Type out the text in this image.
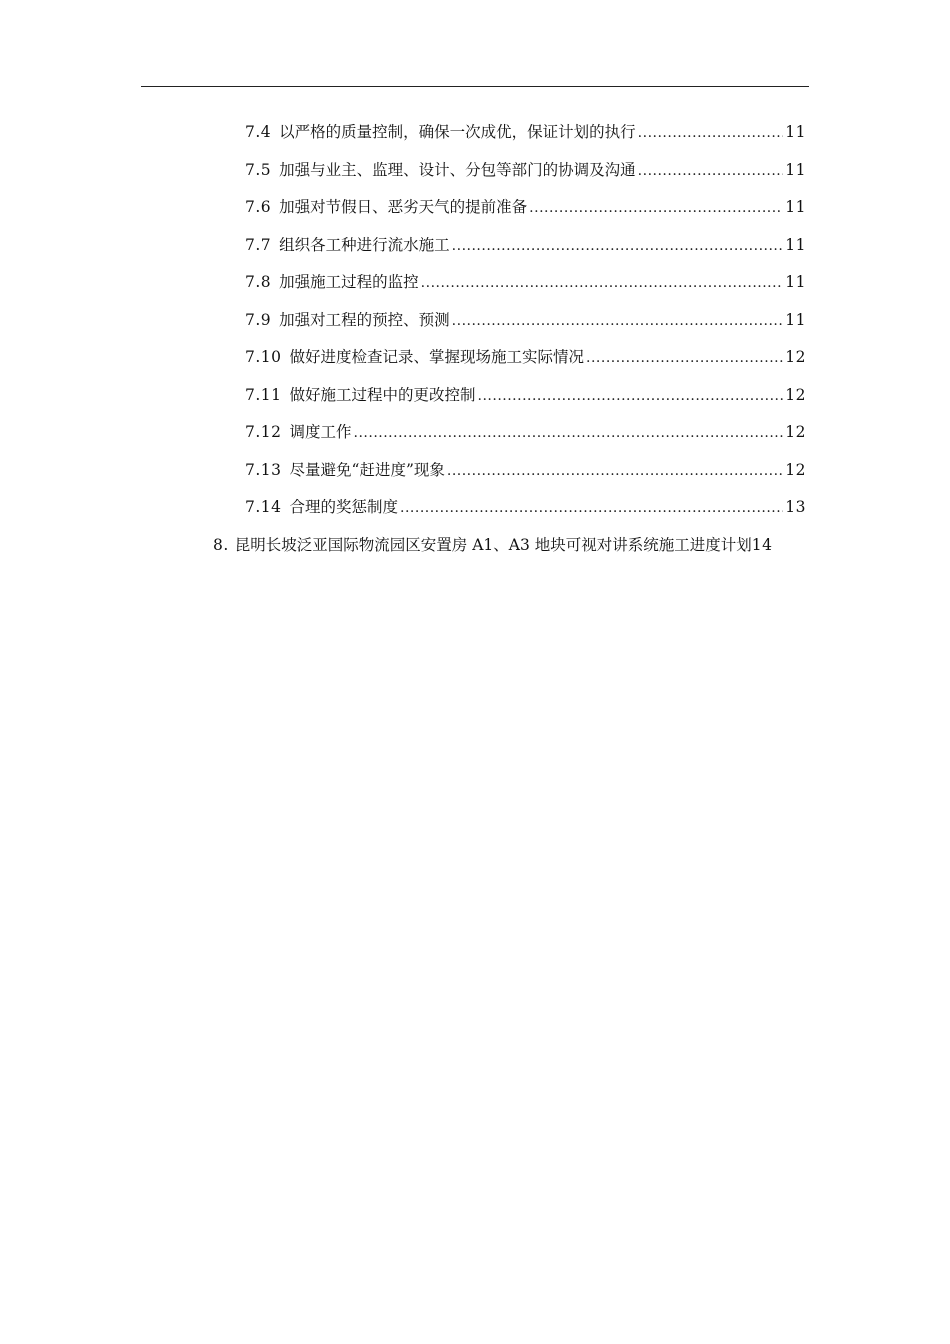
7.4 以严格的质量控制，确保一次成优，保证计划的执行 .....	11
7.5 加强与业主、监理、设计、分包等部门的协调及沟通 .....	11
7.6 加强对节假日、恶劣天气的提前准备 .....	11
7.7 组织各工种进行流水施工 .....	11
7.8 加强施工过程的监控 .....	11
7.9 加强对工程的预控、预测 .....	11
7.10 做好进度检查记录、掌握现场施工实际情况 .....	12
7.11 做好施工过程中的更改控制 .....	12
7.12 调度工作 .....	12
7.13 尽量避免“赶进度”现象 .....	12
7.14 合理的奖惩制度 .....	13
8. 昆明长坡泛亚国际物流园区安置房 A1、A3 地块可视对讲系统施工进度计划 14
